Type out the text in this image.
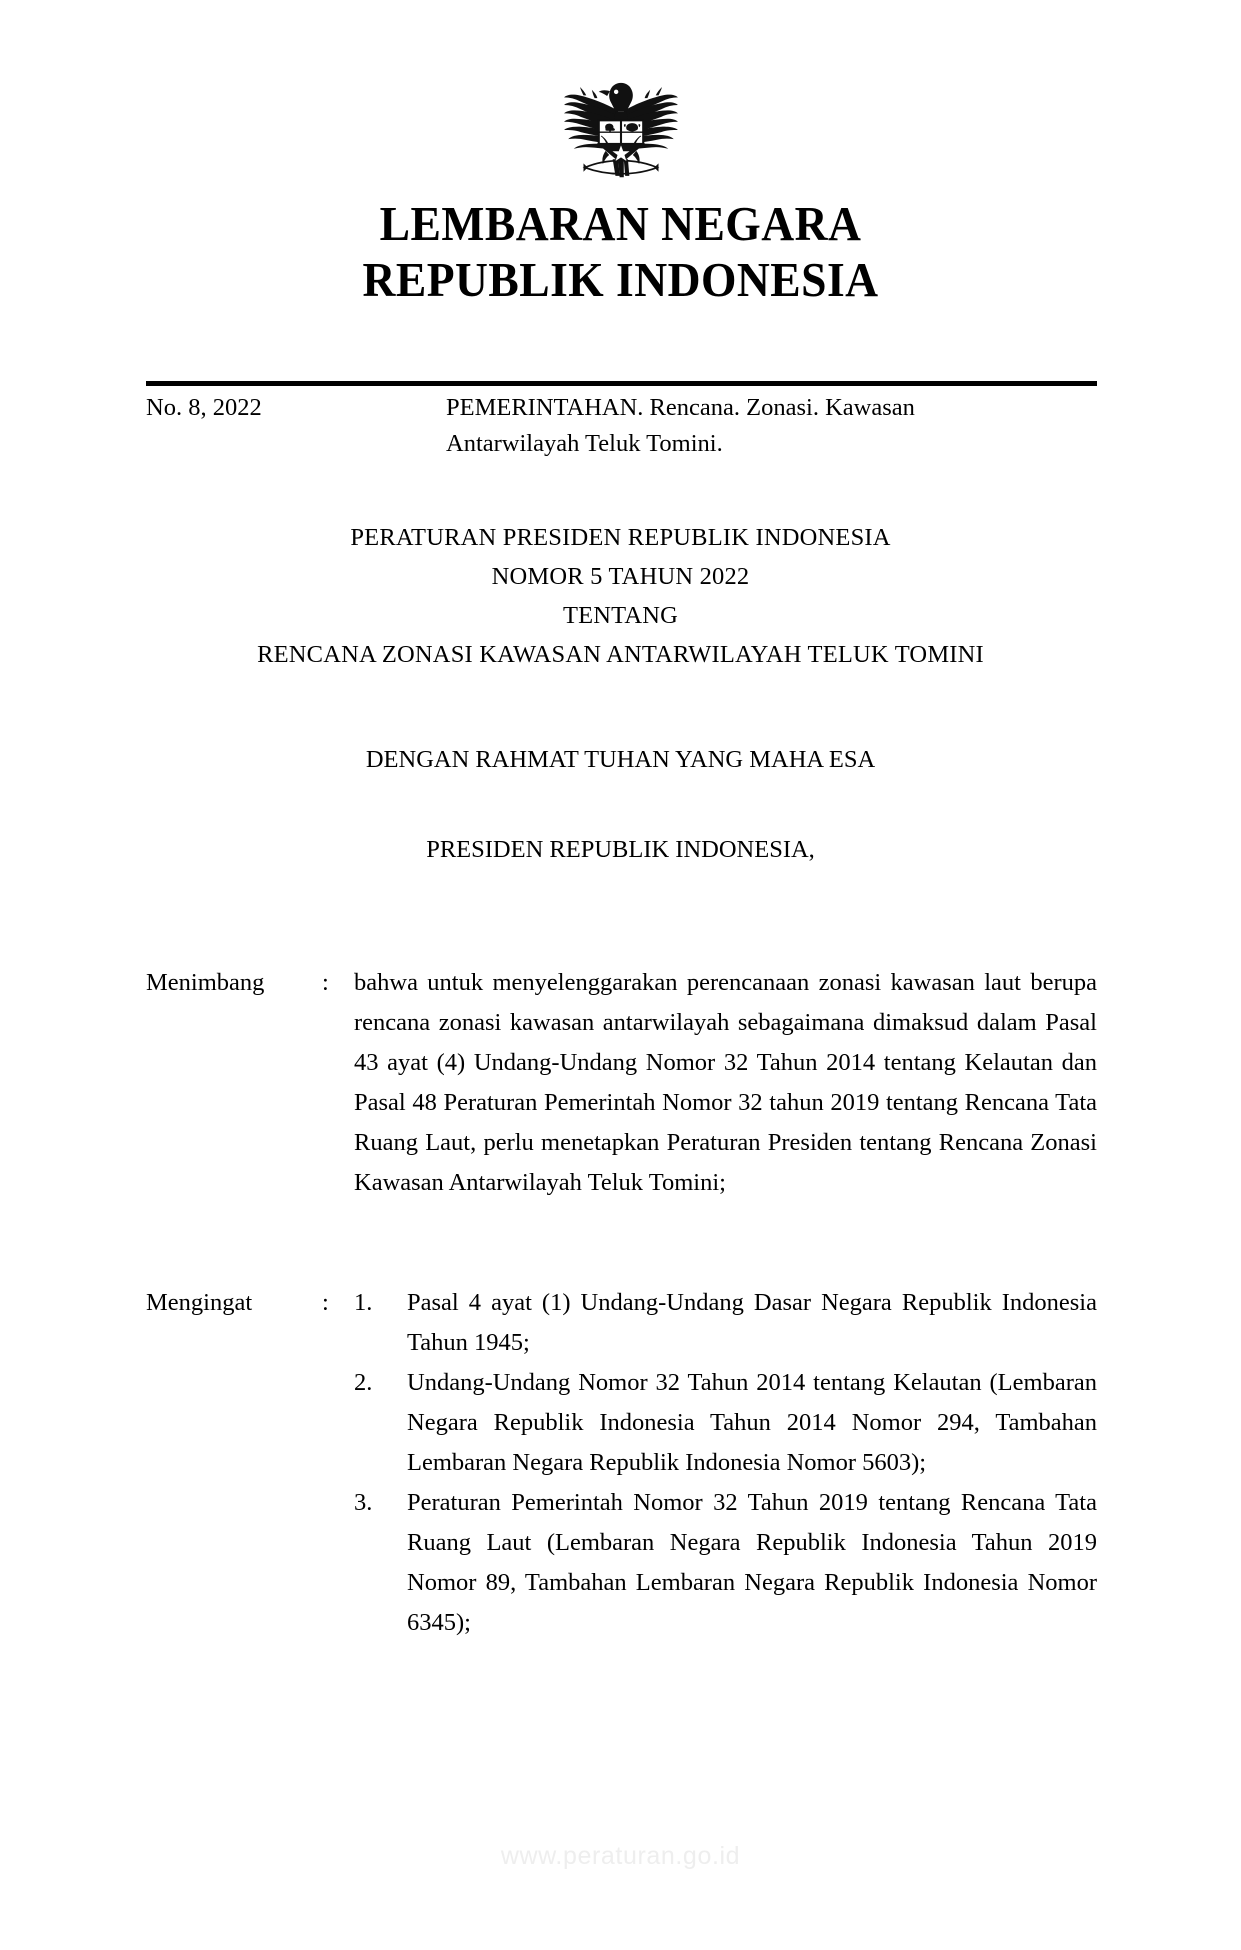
LEMBARAN NEGARA
REPUBLIK INDONESIA
No. 8, 2022	PEMERINTAHAN. Rencana. Zonasi. Kawasan
Antarwilayah Teluk Tomini.
PERATURAN PRESIDEN REPUBLIK INDONESIA
NOMOR 5 TAHUN 2022
TENTANG
RENCANA ZONASI KAWASAN ANTARWILAYAH TELUK TOMINI
DENGAN RAHMAT TUHAN YANG MAHA ESA
PRESIDEN REPUBLIK INDONESIA,
Menimbang	:	bahwa untuk menyelenggarakan perencanaan zonasi kawasan laut berupa rencana zonasi kawasan antarwilayah sebagaimana dimaksud dalam Pasal 43 ayat (4) Undang-Undang Nomor 32 Tahun 2014 tentang Kelautan dan Pasal 48 Peraturan Pemerintah Nomor 32 tahun 2019 tentang Rencana Tata Ruang Laut, perlu menetapkan Peraturan Presiden tentang Rencana Zonasi Kawasan Antarwilayah Teluk Tomini;
Mengingat	:	1.	Pasal 4 ayat (1) Undang-Undang Dasar Negara Republik Indonesia Tahun 1945;
2.	Undang-Undang Nomor 32 Tahun 2014 tentang Kelautan (Lembaran Negara Republik Indonesia Tahun 2014 Nomor 294, Tambahan Lembaran Negara Republik Indonesia Nomor 5603);
3.	Peraturan Pemerintah Nomor 32 Tahun 2019 tentang Rencana Tata Ruang Laut (Lembaran Negara Republik Indonesia Tahun 2019 Nomor 89, Tambahan Lembaran Negara Republik Indonesia Nomor 6345);
www.peraturan.go.id
